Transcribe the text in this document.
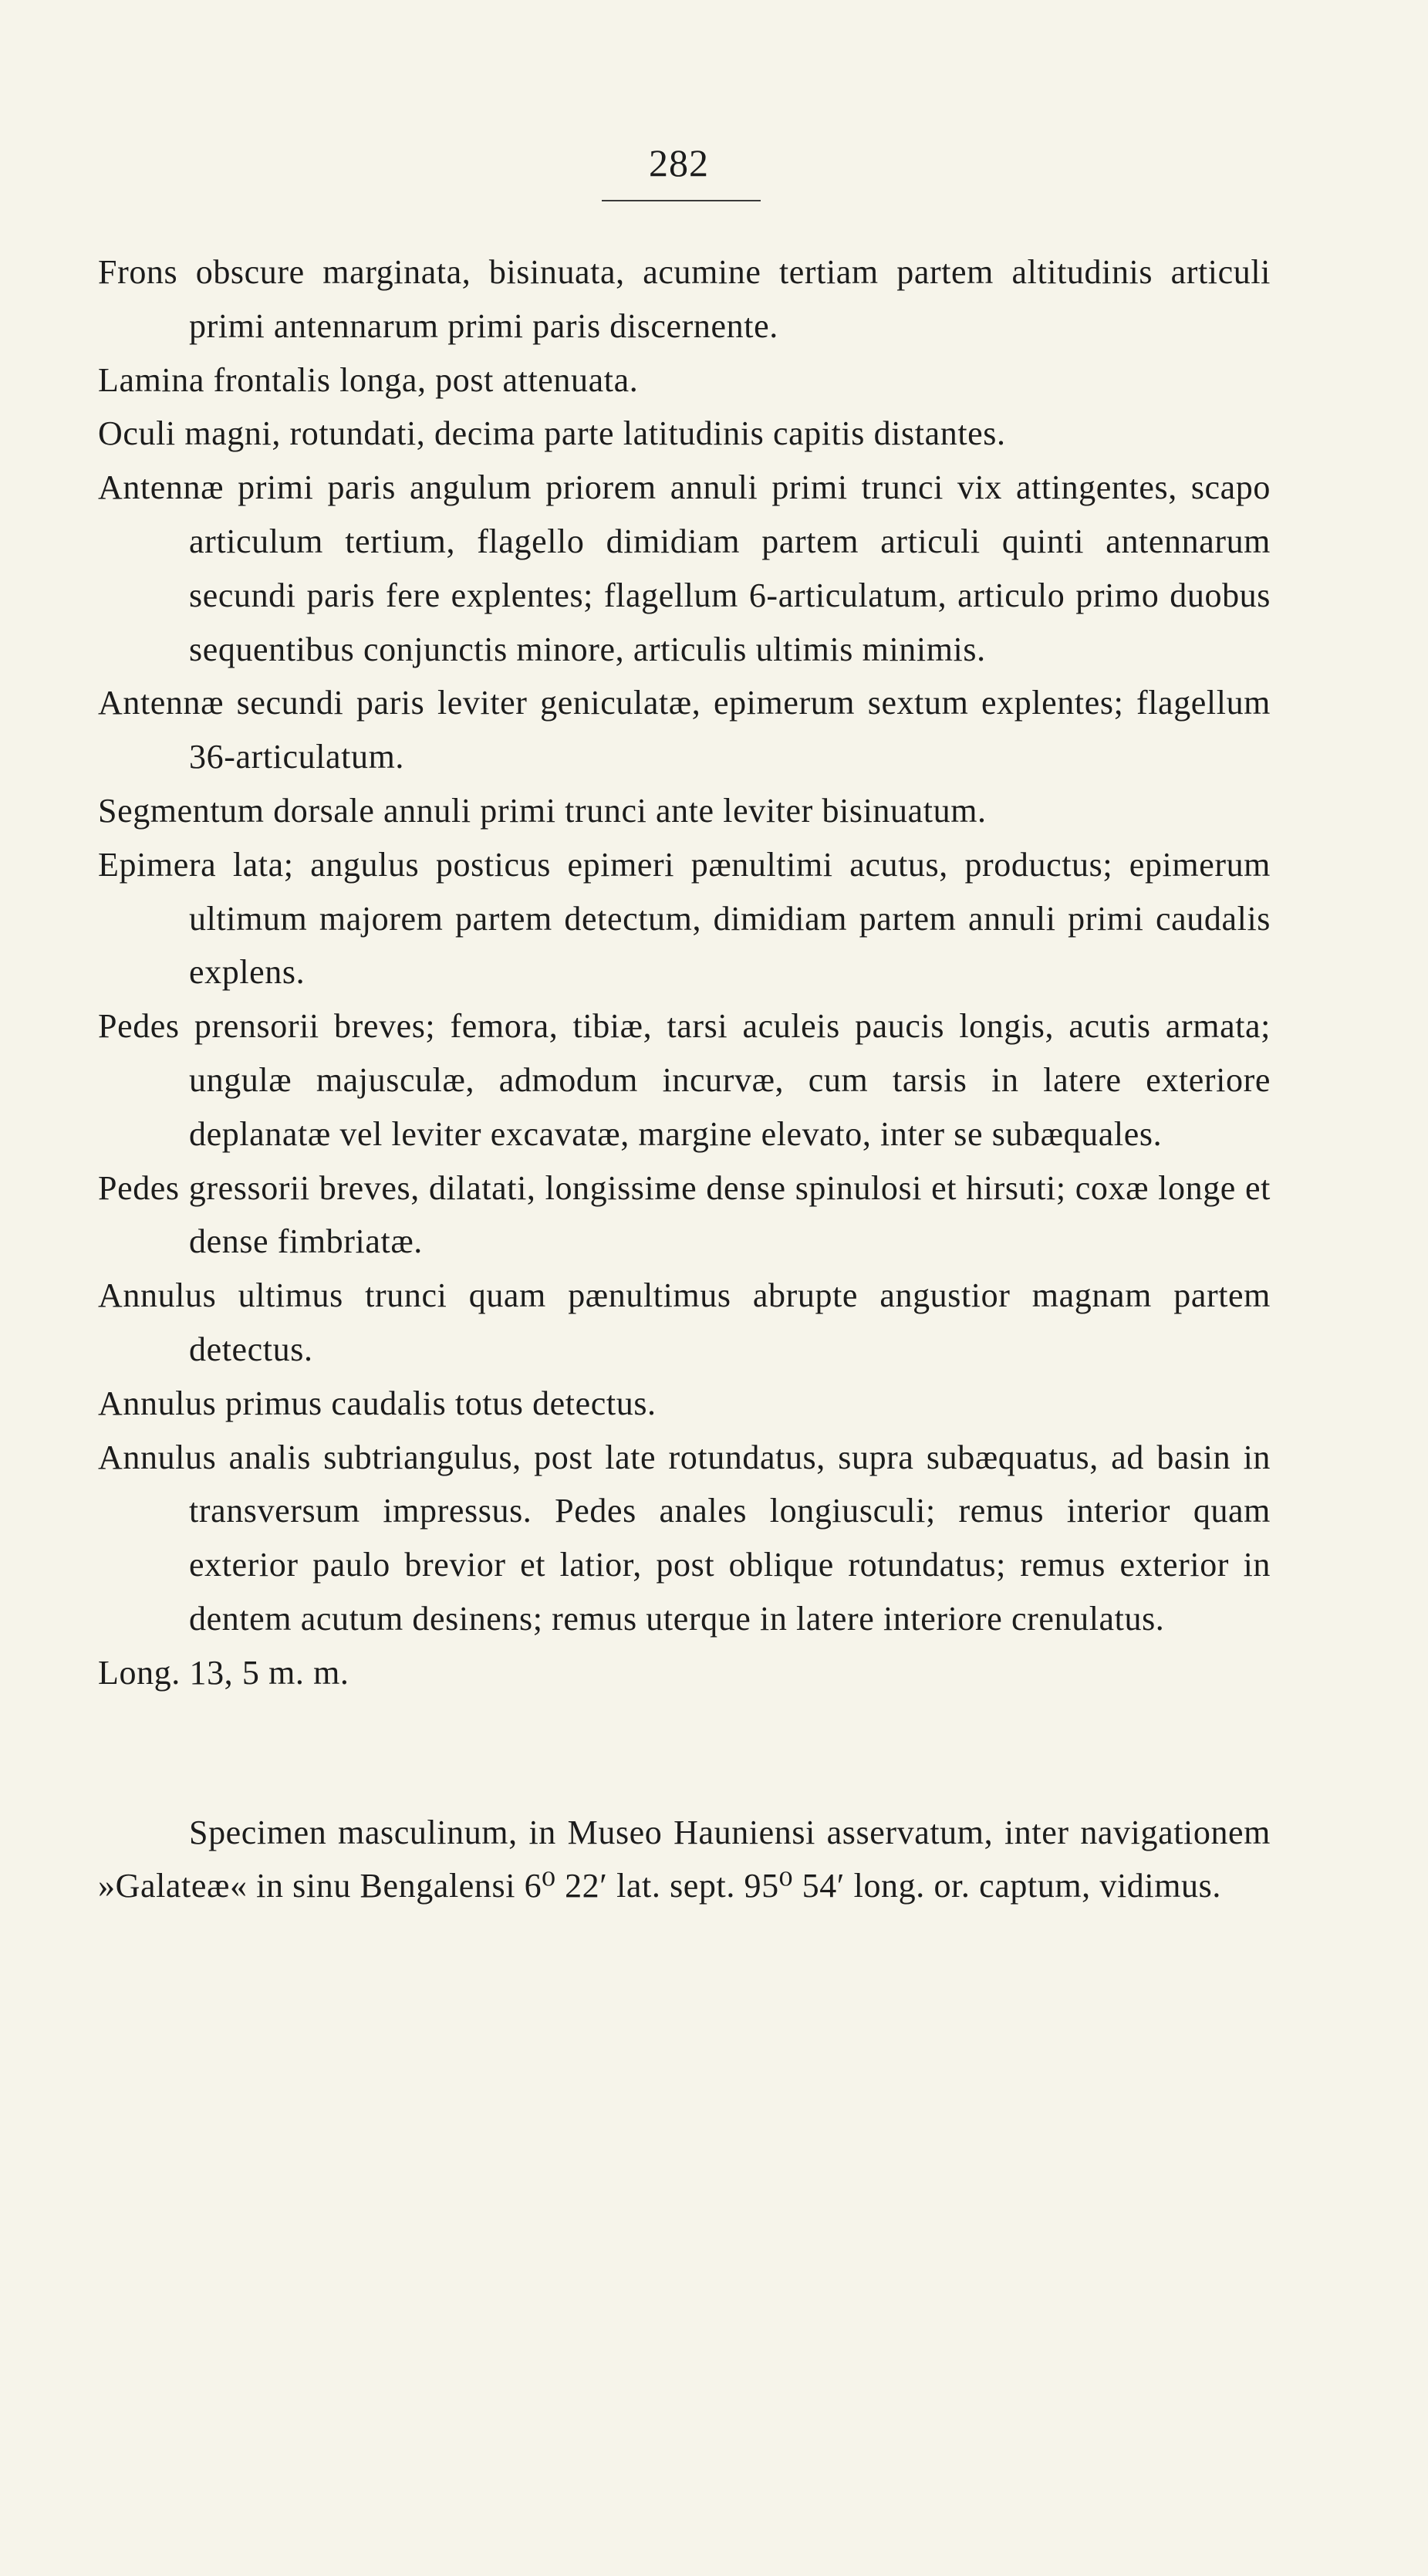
282

Frons obscure marginata, bisinuata, acumine tertiam partem altitudinis articuli primi antennarum primi paris discernente.

Lamina frontalis longa, post attenuata.

Oculi magni, rotundati, decima parte latitudinis capitis distantes.

Antennæ primi paris angulum priorem annuli primi trunci vix attingentes, scapo articulum tertium, flagello dimidiam partem articuli quinti antennarum secundi paris fere explentes; flagellum 6-articulatum, articulo primo duobus sequentibus conjunctis minore, articulis ultimis minimis.

Antennæ secundi paris leviter geniculatæ, epimerum sextum explentes; flagellum 36-articulatum.

Segmentum dorsale annuli primi trunci ante leviter bisinuatum.

Epimera lata; angulus posticus epimeri pænultimi acutus, productus; epimerum ultimum majorem partem detectum, dimidiam partem annuli primi caudalis explens.

Pedes prensorii breves; femora, tibiæ, tarsi aculeis paucis longis, acutis armata; ungulæ majusculæ, admodum incurvæ, cum tarsis in latere exteriore deplanatæ vel leviter excavatæ, margine elevato, inter se subæquales.

Pedes gressorii breves, dilatati, longissime dense spinulosi et hirsuti; coxæ longe et dense fimbriatæ.

Annulus ultimus trunci quam pænultimus abrupte angustior magnam partem detectus.

Annulus primus caudalis totus detectus.

Annulus analis subtriangulus, post late rotundatus, supra subæquatus, ad basin in transversum impressus. Pedes anales longiusculi; remus interior quam exterior paulo brevior et latior, post oblique rotundatus; remus exterior in dentem acutum desinens; remus uterque in latere interiore crenulatus.

Long. 13, 5 m. m.

Specimen masculinum, in Museo Hauniensi asservatum, inter navigationem »Galateæ« in sinu Bengalensi 6⁰ 22′ lat. sept. 95⁰ 54′ long. or. captum, vidimus.
